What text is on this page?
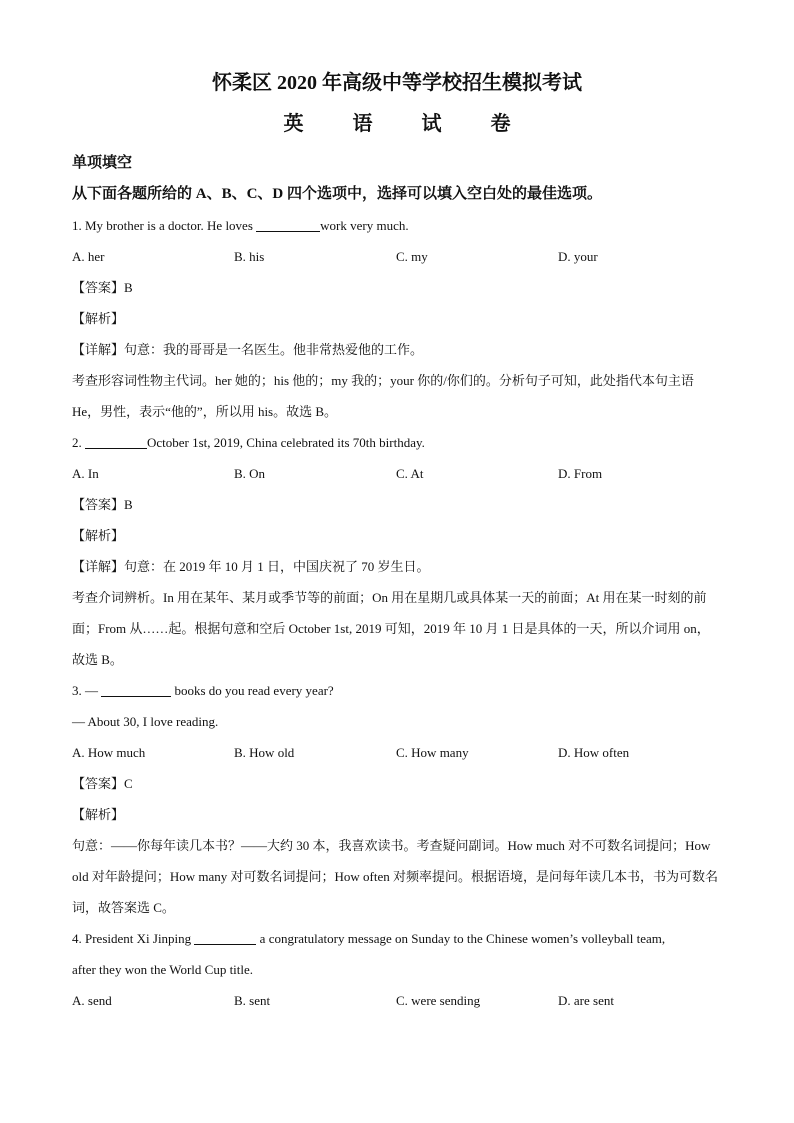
怀柔区 2020 年高级中等学校招生模拟考试
英 语 试 卷
单项填空
从下面各题所给的 A、B、C、D 四个选项中，选择可以填入空白处的最佳选项。
1. My brother is a doctor. He loves	work very much.
A. her	B. his	C. my	D. your
【答案】B
【解析】
【详解】句意：我的哥哥是一名医生。他非常热爱他的工作。
考查形容词性物主代词。her 她的；his 他的；my 我的；your 你的/你们的。分析句子可知，此处指代本句主语 He，男性，表示“他的”，所以用 his。故选 B。
2.	October 1st, 2019, China celebrated its 70th birthday.
A. In	B. On	C. At	D. From
【答案】B
【解析】
【详解】句意：在 2019 年 10 月 1 日，中国庆祝了 70 岁生日。
考查介词辨析。In 用在某年、某月或季节等的前面；On 用在星期几或具体某一天的前面；At 用在某一时刻的前面；From 从……起。根据句意和空后 October 1st, 2019 可知，2019 年 10 月 1 日是具体的一天，所以介词用 on，故选 B。
3. —	books do you read every year?
— About 30, I love reading.
A. How much	B. How old	C. How many	D. How often
【答案】C
【解析】
句意：——你每年读几本书？——大约 30 本，我喜欢读书。考查疑问副词。How much 对不可数名词提问；How old 对年龄提问；How many 对可数名词提问；How often 对频率提问。根据语境，是问每年读几本书，书为可数名词，故答案选 C。
4. President Xi Jinping	a congratulatory message on Sunday to the Chinese women’s volleyball team,
after they won the World Cup title.
A. send	B. sent	C. were sending	D. are sent
